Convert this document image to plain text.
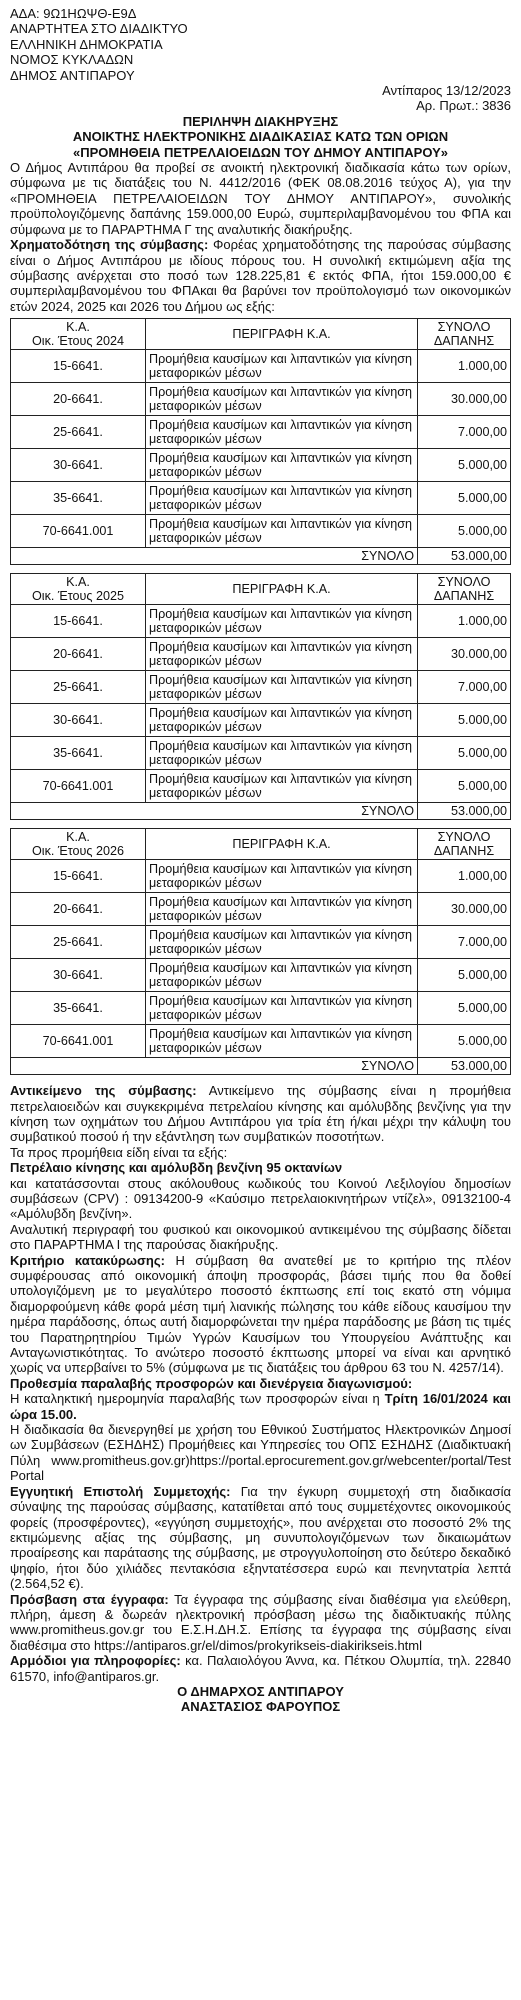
ΑΔΑ: 9Ω1ΗΩΨΘ-Ε9Δ
ΑΝΑΡΤΗΤΕΑ ΣΤΟ ΔΙΑΔΙΚΤΥΟ
ΕΛΛΗΝΙΚΗ ΔΗΜΟΚΡΑΤΙΑ
ΝΟΜΟΣ ΚΥΚΛΑΔΩΝ
ΔΗΜΟΣ ΑΝΤΙΠΑΡΟΥ
Αντίπαρος 13/12/2023
Αρ. Πρωτ.: 3836
ΠΕΡΙΛΗΨΗ ΔΙΑΚΗΡΥΞΗΣ
ΑΝΟΙΚΤΗΣ ΗΛΕΚΤΡΟΝΙΚΗΣ ΔΙΑΔΙΚΑΣΙΑΣ ΚΑΤΩ ΤΩΝ ΟΡΙΩΝ
«ΠΡΟΜΗΘΕΙΑ ΠΕΤΡΕΛΑΙΟΕΙΔΩΝ ΤΟΥ ΔΗΜΟΥ ΑΝΤΙΠΑΡΟΥ»

Ο Δήμος Αντιπάρου θα προβεί σε ανοικτή ηλεκτρονική διαδικασία κάτω των ορίων, σύμφωνα με τις διατάξεις του Ν. 4412/2016 (ΦΕΚ 08.08.2016 τεύχος Α), για την «ΠΡΟΜΗΘΕΙΑ ΠΕΤΡΕΛΑΙΟΕΙΔΩΝ ΤΟΥ ΔΗΜΟΥ ΑΝΤΙΠΑΡΟΥ», συνολικής προϋπολογιζόμενης δαπάνης 159.000,00 Ευρώ, συμπεριλαμβανομένου του ΦΠΑ και σύμφωνα με το ΠΑΡΑΡΤΗΜΑ Γ της αναλυτικής διακήρυξης.

Χρηματοδότηση της σύμβασης: Φορέας χρηματοδότησης της παρούσας σύμβασης είναι ο Δήμος Αντιπάρου με ιδίους πόρους του. Η συνολική εκτιμώμενη αξία της σύμβασης ανέρχεται στο ποσό των 128.225,81 € εκτός ΦΠΑ, ήτοι 159.000,00 € συμπεριλαμβανομένου του ΦΠΑκαι θα βαρύνει τον προϋπολογισμό των οικονομικών ετών 2024, 2025 και 2026 του Δήμου ως εξής:

Κ.Α.
Οικ. Έτους 2024	ΠΕΡΙΓΡΑΦΗ Κ.Α.	ΣΥΝΟΛΟ
ΔΑΠΑΝΗΣ
15-6641.	Προμήθεια καυσίμων και λιπαντικών για κίνηση μεταφορικών μέσων	1.000,00
20-6641.	Προμήθεια καυσίμων και λιπαντικών για κίνηση μεταφορικών μέσων	30.000,00
25-6641.	Προμήθεια καυσίμων και λιπαντικών για κίνηση μεταφορικών μέσων	7.000,00
30-6641.	Προμήθεια καυσίμων και λιπαντικών για κίνηση μεταφορικών μέσων	5.000,00
35-6641.	Προμήθεια καυσίμων και λιπαντικών για κίνηση μεταφορικών μέσων	5.000,00
70-6641.001	Προμήθεια καυσίμων και λιπαντικών για κίνηση μεταφορικών μέσων	5.000,00
	ΣΥΝΟΛΟ	53.000,00
Κ.Α.
Οικ. Έτους 2025	ΠΕΡΙΓΡΑΦΗ Κ.Α.	ΣΥΝΟΛΟ
ΔΑΠΑΝΗΣ
15-6641.	Προμήθεια καυσίμων και λιπαντικών για κίνηση μεταφορικών μέσων	1.000,00
20-6641.	Προμήθεια καυσίμων και λιπαντικών για κίνηση μεταφορικών μέσων	30.000,00
25-6641.	Προμήθεια καυσίμων και λιπαντικών για κίνηση μεταφορικών μέσων	7.000,00
30-6641.	Προμήθεια καυσίμων και λιπαντικών για κίνηση μεταφορικών μέσων	5.000,00
35-6641.	Προμήθεια καυσίμων και λιπαντικών για κίνηση μεταφορικών μέσων	5.000,00
70-6641.001	Προμήθεια καυσίμων και λιπαντικών για κίνηση μεταφορικών μέσων	5.000,00
	ΣΥΝΟΛΟ	53.000,00
Κ.Α.
Οικ. Έτους 2026	ΠΕΡΙΓΡΑΦΗ Κ.Α.	ΣΥΝΟΛΟ
ΔΑΠΑΝΗΣ
15-6641.	Προμήθεια καυσίμων και λιπαντικών για κίνηση μεταφορικών μέσων	1.000,00
20-6641.	Προμήθεια καυσίμων και λιπαντικών για κίνηση μεταφορικών μέσων	30.000,00
25-6641.	Προμήθεια καυσίμων και λιπαντικών για κίνηση μεταφορικών μέσων	7.000,00
30-6641.	Προμήθεια καυσίμων και λιπαντικών για κίνηση μεταφορικών μέσων	5.000,00
35-6641.	Προμήθεια καυσίμων και λιπαντικών για κίνηση μεταφορικών μέσων	5.000,00
70-6641.001	Προμήθεια καυσίμων και λιπαντικών για κίνηση μεταφορικών μέσων	5.000,00
	ΣΥΝΟΛΟ	53.000,00

Αντικείμενο της σύμβασης: Αντικείμενο της σύμβασης είναι η προμήθεια πετρελαιοειδών και συγκεκριμένα πετρελαίου κίνησης και αμόλυβδης βενζίνης για την κίνηση των οχημάτων του Δήμου Αντιπάρου για τρία έτη ή/και μέχρι την κάλυψη του συμβατικού ποσού ή την εξάντληση των συμβατικών ποσοτήτων.

Τα προς προμήθεια είδη είναι τα εξής:

Πετρέλαιο κίνησης και αμόλυβδη βενζίνη 95 οκτανίων

και κατατάσσονται στους ακόλουθους κωδικούς του Κοινού Λεξιλογίου δημοσίων συμβάσεων (CPV) : 09134200-9 «Καύσιμο πετρελαιοκινητήρων ντίζελ», 09132100-4 «Αμόλυβδη βενζίνη».

Αναλυτική περιγραφή του φυσικού και οικονομικού αντικειμένου της σύμβασης δίδεται στο ΠΑΡΑΡΤΗΜΑ Ι της παρούσας διακήρυξης.

Κριτήριο κατακύρωσης: Η σύμβαση θα ανατεθεί με το κριτήριο της πλέον συμφέρουσας από οικονομική άποψη προσφοράς, βάσει τιμής που θα δοθεί υπολογιζόμενη με το μεγαλύτερο ποσοστό έκπτωσης επί τοις εκατό στη νόμιμα διαμορφούμενη κάθε φορά μέση τιμή λιανικής πώλησης του κάθε είδους καυσίμου την ημέρα παράδοσης, όπως αυτή διαμορφώνεται την ημέρα παράδοσης με βάση τις τιμές του Παρατηρητηρίου Τιμών Υγρών Καυσίμων του Υπουργείου Ανάπτυξης και Ανταγωνιστικότητας. Το ανώτερο ποσοστό έκπτωσης μπορεί να είναι και αρνητικό χωρίς να υπερβαίνει το 5% (σύμφωνα με τις διατάξεις του άρθρου 63 του Ν. 4257/14).

Προθεσμία παραλαβής προσφορών και διενέργεια διαγωνισμού:

Η καταληκτική ημερομηνία παραλαβής των προσφορών είναι η Τρίτη 16/01/2024 και ώρα 15.00.

Η διαδικασία θα διενεργηθεί με χρήση του Εθνικού Συστήματος Ηλεκτρονικών Δημοσίων Συμβάσεων (ΕΣΗΔΗΣ) Προμήθειες και Υπηρεσίες του ΟΠΣ ΕΣΗΔΗΣ (Διαδικτυακή Πύλη www.promitheus.gov.gr)https://portal.eprocurement.gov.gr/webcenter/portal/TestPortal

Εγγυητική Επιστολή Συμμετοχής: Για την έγκυρη συμμετοχή στη διαδικασία σύναψης της παρούσας σύμβασης, κατατίθεται από τους συμμετέχοντες οικονομικούς φορείς (προσφέροντες), «εγγύηση συμμετοχής», που ανέρχεται στο ποσοστό 2% της εκτιμώμενης αξίας της σύμβασης, μη συνυπολογιζόμενων των δικαιωμάτων προαίρεσης και παράτασης της σύμβασης, με στρογγυλοποίηση στο δεύτερο δεκαδικό ψηφίο, ήτοι δύο χιλιάδες πεντακόσια εξηντατέσσερα ευρώ και πενηντατρία λεπτά (2.564,52 €).

Πρόσβαση στα έγγραφα: Τα έγγραφα της σύμβασης είναι διαθέσιμα για ελεύθερη, πλήρη, άμεση & δωρεάν ηλεκτρονική πρόσβαση μέσω της διαδικτυακής πύλης www.promitheus.gov.gr του Ε.Σ.Η.ΔΗ.Σ. Επίσης τα έγγραφα της σύμβασης είναι διαθέσιμα στο https://antiparos.gr/el/dimos/prokyrikseis-diakirikseis.html

Αρμόδιοι για πληροφορίες: κα. Παλαιολόγου Άννα, κα. Πέτκου Ολυμπία, τηλ. 22840 61570, info@antiparos.gr.

Ο ΔΗΜΑΡΧΟΣ ΑΝΤΙΠΑΡΟΥ
ΑΝΑΣΤΑΣΙΟΣ ΦΑΡΟΥΠΟΣ
